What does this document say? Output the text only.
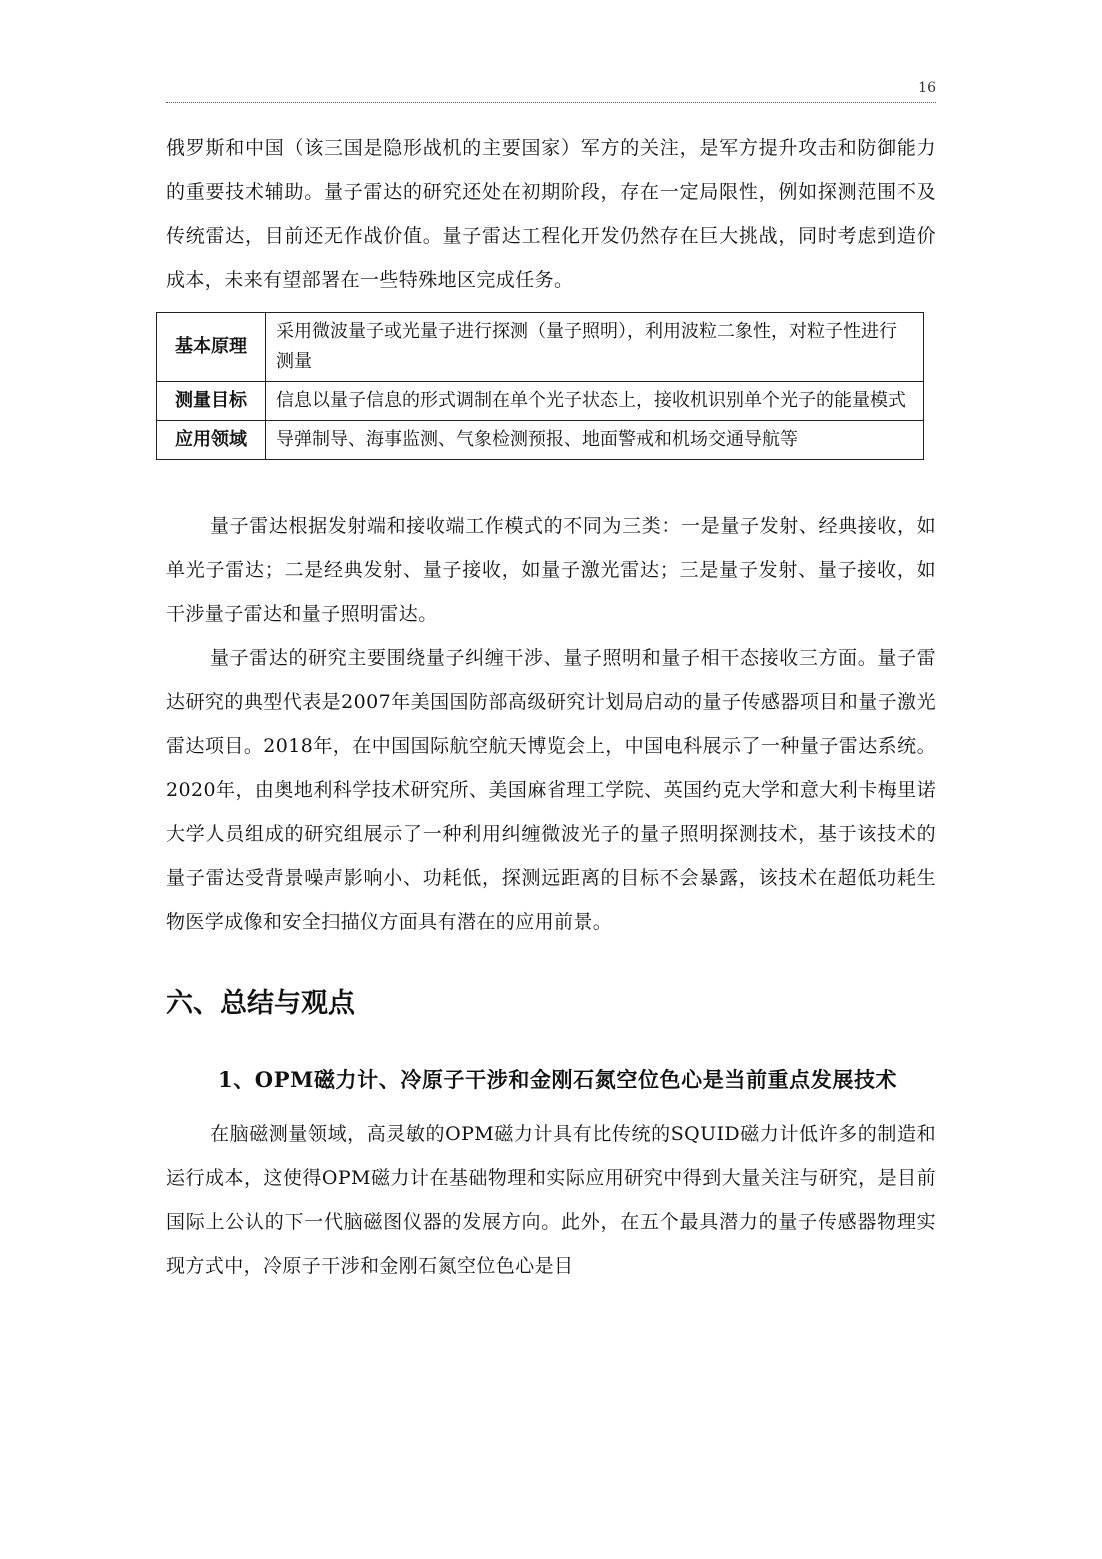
16

俄罗斯和中国（该三国是隐形战机的主要国家）军方的关注，是军方提升攻击和防御能力的重要技术辅助。量子雷达的研究还处在初期阶段，存在一定局限性，例如探测范围不及传统雷达，目前还无作战价值。量子雷达工程化开发仍然存在巨大挑战，同时考虑到造价成本，未来有望部署在一些特殊地区完成任务。

基本原理	采用微波量子或光量子进行探测（量子照明），利用波粒二象性，对粒子性进行测量
测量目标	信息以量子信息的形式调制在单个光子状态上，接收机识别单个光子的能量模式
应用领域	导弹制导、海事监测、气象检测预报、地面警戒和机场交通导航等

量子雷达根据发射端和接收端工作模式的不同为三类：一是量子发射、经典接收，如单光子雷达；二是经典发射、量子接收，如量子激光雷达；三是量子发射、量子接收，如干涉量子雷达和量子照明雷达。

量子雷达的研究主要围绕量子纠缠干涉、量子照明和量子相干态接收三方面。量子雷达研究的典型代表是2007年美国国防部高级研究计划局启动的量子传感器项目和量子激光雷达项目。2018年，在中国国际航空航天博览会上，中国电科展示了一种量子雷达系统。2020年，由奥地利科学技术研究所、美国麻省理工学院、英国约克大学和意大利卡梅里诺大学人员组成的研究组展示了一种利用纠缠微波光子的量子照明探测技术，基于该技术的量子雷达受背景噪声影响小、功耗低，探测远距离的目标不会暴露，该技术在超低功耗生物医学成像和安全扫描仪方面具有潜在的应用前景。

六、总结与观点

1、OPM磁力计、冷原子干涉和金刚石氮空位色心是当前重点发展技术

在脑磁测量领域，高灵敏的OPM磁力计具有比传统的SQUID磁力计低许多的制造和运行成本，这使得OPM磁力计在基础物理和实际应用研究中得到大量关注与研究，是目前国际上公认的下一代脑磁图仪器的发展方向。此外，在五个最具潜力的量子传感器物理实现方式中，冷原子干涉和金刚石氮空位色心是目
